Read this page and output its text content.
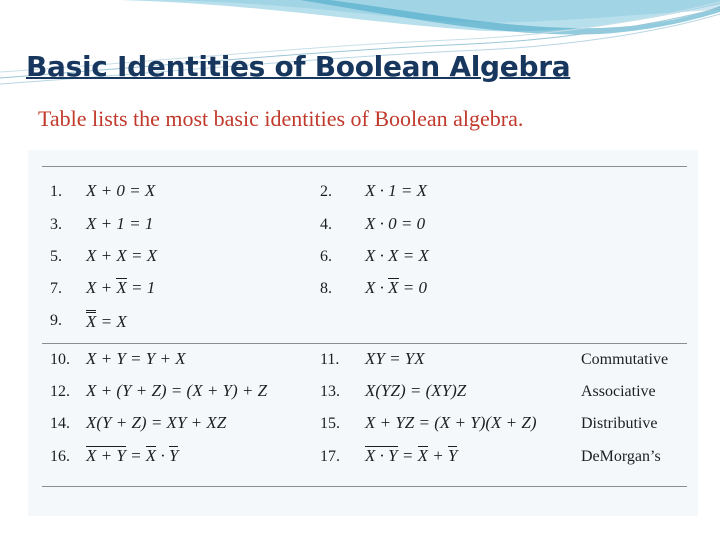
Basic Identities of Boolean Algebra

Table lists the most basic identities of Boolean algebra.

1. X + 0 = X	2. X · 1 = X
3. X + 1 = 1	4. X · 0 = 0
5. X + X = X	6. X · X = X
7. X + X = 1	8. X · X = 0
9. X = X
10. X + Y = Y + X	11. XY = YX	Commutative
12. X + (Y + Z) = (X + Y) + Z	13. X(YZ) = (XY)Z	Associative
14. X(Y + Z) = XY + XZ	15. X + YZ = (X + Y)(X + Z)	Distributive
16. X + Y = X · Y	17. X · Y = X + Y	DeMorgan’s
